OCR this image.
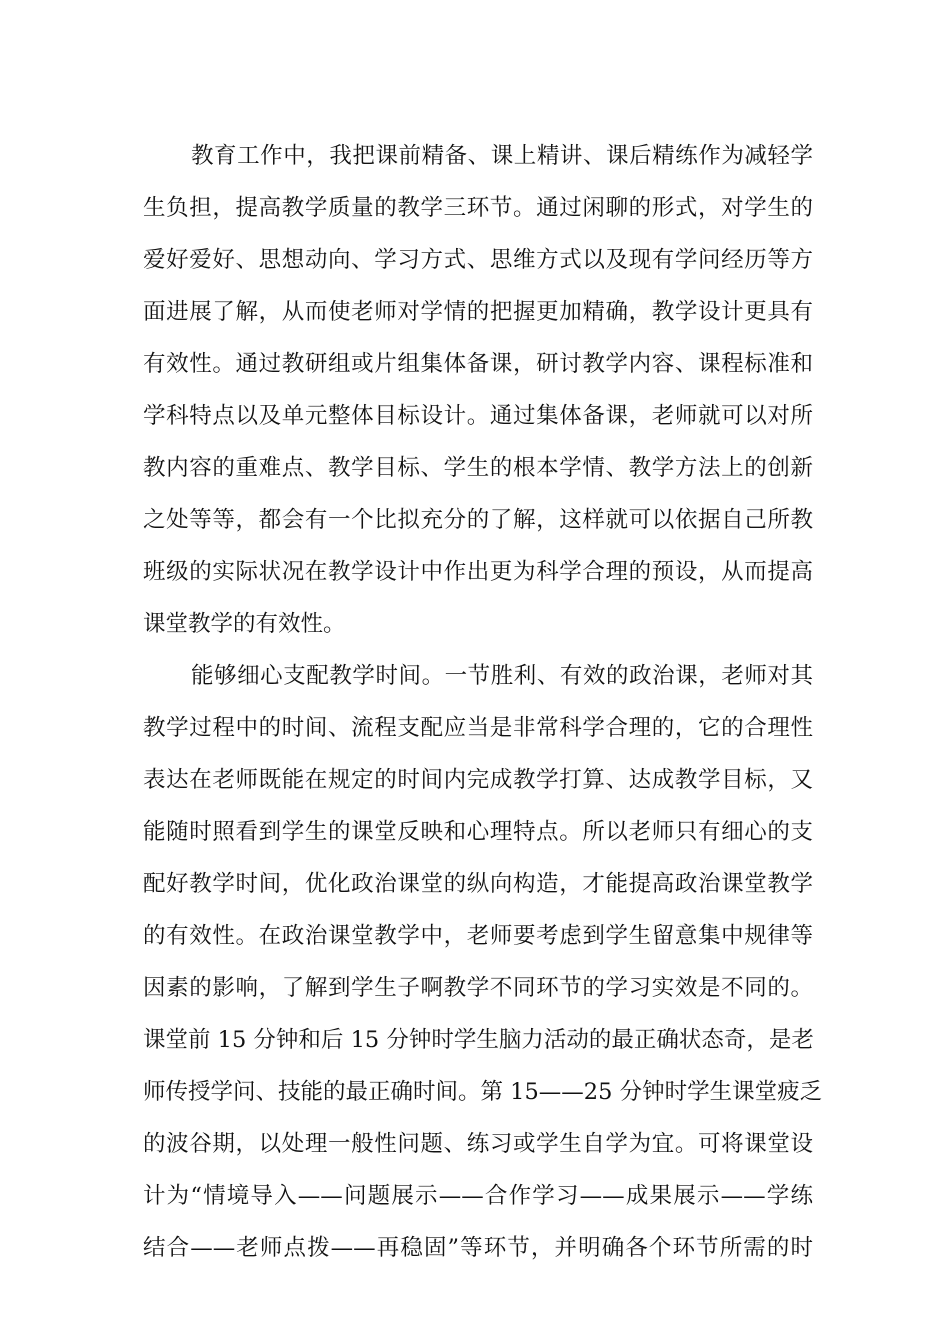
教育工作中，我把课前精备、课上精讲、课后精练作为减轻学
生负担，提高教学质量的教学三环节。通过闲聊的形式，对学生的
爱好爱好、思想动向、学习方式、思维方式以及现有学问经历等方
面进展了解，从而使老师对学情的把握更加精确，教学设计更具有
有效性。通过教研组或片组集体备课，研讨教学内容、课程标准和
学科特点以及单元整体目标设计。通过集体备课，老师就可以对所
教内容的重难点、教学目标、学生的根本学情、教学方法上的创新
之处等等，都会有一个比拟充分的了解，这样就可以依据自己所教
班级的实际状况在教学设计中作出更为科学合理的预设，从而提高
课堂教学的有效性。
能够细心支配教学时间。一节胜利、有效的政治课，老师对其
教学过程中的时间、流程支配应当是非常科学合理的，它的合理性
表达在老师既能在规定的时间内完成教学打算、达成教学目标，又
能随时照看到学生的课堂反映和心理特点。所以老师只有细心的支
配好教学时间，优化政治课堂的纵向构造，才能提高政治课堂教学
的有效性。在政治课堂教学中，老师要考虑到学生留意集中规律等
因素的影响，了解到学生子啊教学不同环节的学习实效是不同的。
课堂前 15 分钟和后 15 分钟时学生脑力活动的最正确状态奇，是老
师传授学问、技能的最正确时间。第 15——25 分钟时学生课堂疲乏
的波谷期，以处理一般性问题、练习或学生自学为宜。可将课堂设
计为“情境导入——问题展示——合作学习——成果展示——学练
结合——老师点拨——再稳固”等环节，并明确各个环节所需的时
